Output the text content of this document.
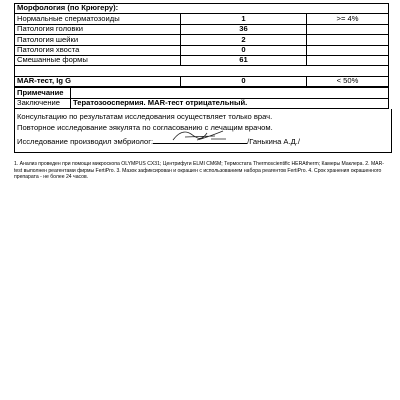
Морфология (по Крюгеру):		
Нормальные сперматозоиды	1	>= 4%
Патология головки	36	
Патология шейки	2	
Патология хвоста	0	
Смешанные формы	61	

MAR-тест, Ig G	0	< 50%
Примечание	
Заключение	Тератозооспермия. MAR-тест отрицательный.
Консультацию по результатам исследования осуществляет только врач.
Повторное исследование эякулята по согласованию с лечащим врачом.
Исследование производил эмбриолог:	/Ганькина А.Д./
1. Анализ проведен при помощи микроскопа OLYMPUS CX31; Центрифуги ELMI CM6M; Термостата Thermoscientific HERAtherm; Камеры Маклера. 2. MAR-test выполнен реагентами фирмы FertiPro. 3. Мазок зафиксирован и окрашен с использованием набора реагентов FertiPro. 4. Срок хранения окрашенного препарата - не более 24 часов.
